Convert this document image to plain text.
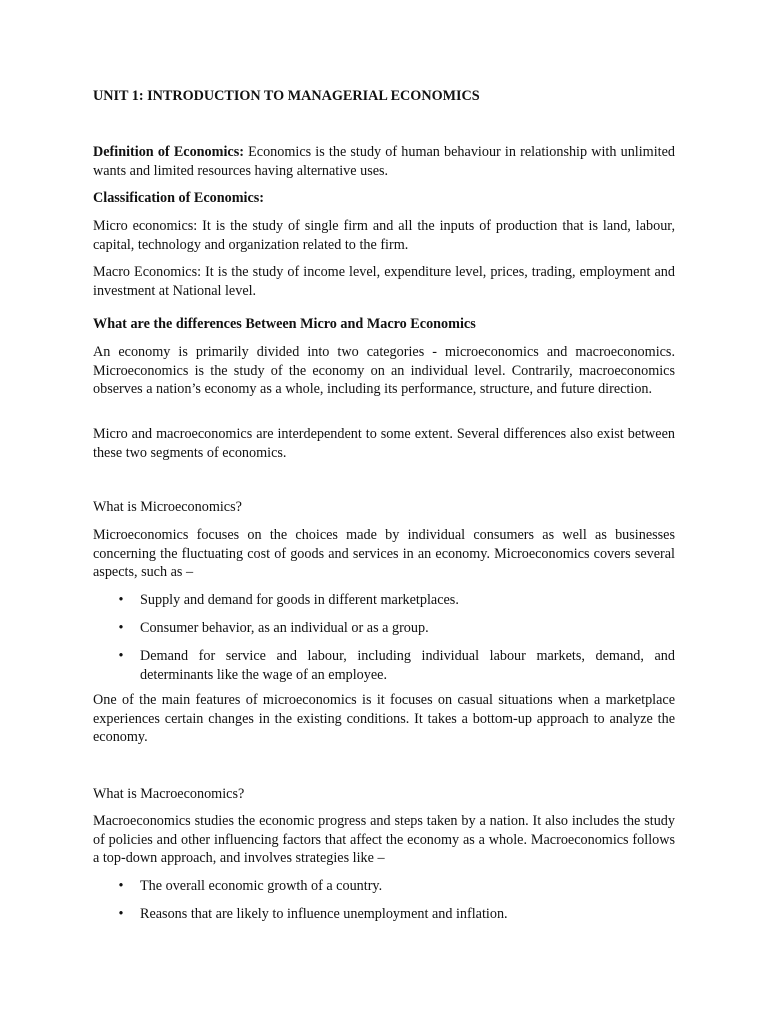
UNIT 1: INTRODUCTION TO MANAGERIAL ECONOMICS

Definition of Economics: Economics is the study of human behaviour in relationship with unlimited wants and limited resources having alternative uses.

Classification of Economics:

Micro economics: It is the study of single firm and all the inputs of production that is land, labour, capital, technology and organization related to the firm.

Macro Economics: It is the study of income level, expenditure level, prices, trading, employment and investment at National level.

What are the differences Between Micro and Macro Economics

An economy is primarily divided into two categories - microeconomics and macroeconomics. Microeconomics is the study of the economy on an individual level. Contrarily, macroeconomics observes a nation’s economy as a whole, including its performance, structure, and future direction.

Micro and macroeconomics are interdependent to some extent. Several differences also exist between these two segments of economics.

What is Microeconomics?

Microeconomics focuses on the choices made by individual consumers as well as businesses concerning the fluctuating cost of goods and services in an economy. Microeconomics covers several aspects, such as –

• Supply and demand for goods in different marketplaces.
• Consumer behavior, as an individual or as a group.
• Demand for service and labour, including individual labour markets, demand, and determinants like the wage of an employee.

One of the main features of microeconomics is it focuses on casual situations when a marketplace experiences certain changes in the existing conditions. It takes a bottom-up approach to analyze the economy.

What is Macroeconomics?

Macroeconomics studies the economic progress and steps taken by a nation. It also includes the study of policies and other influencing factors that affect the economy as a whole. Macroeconomics follows a top-down approach, and involves strategies like –

• The overall economic growth of a country.
• Reasons that are likely to influence unemployment and inflation.
